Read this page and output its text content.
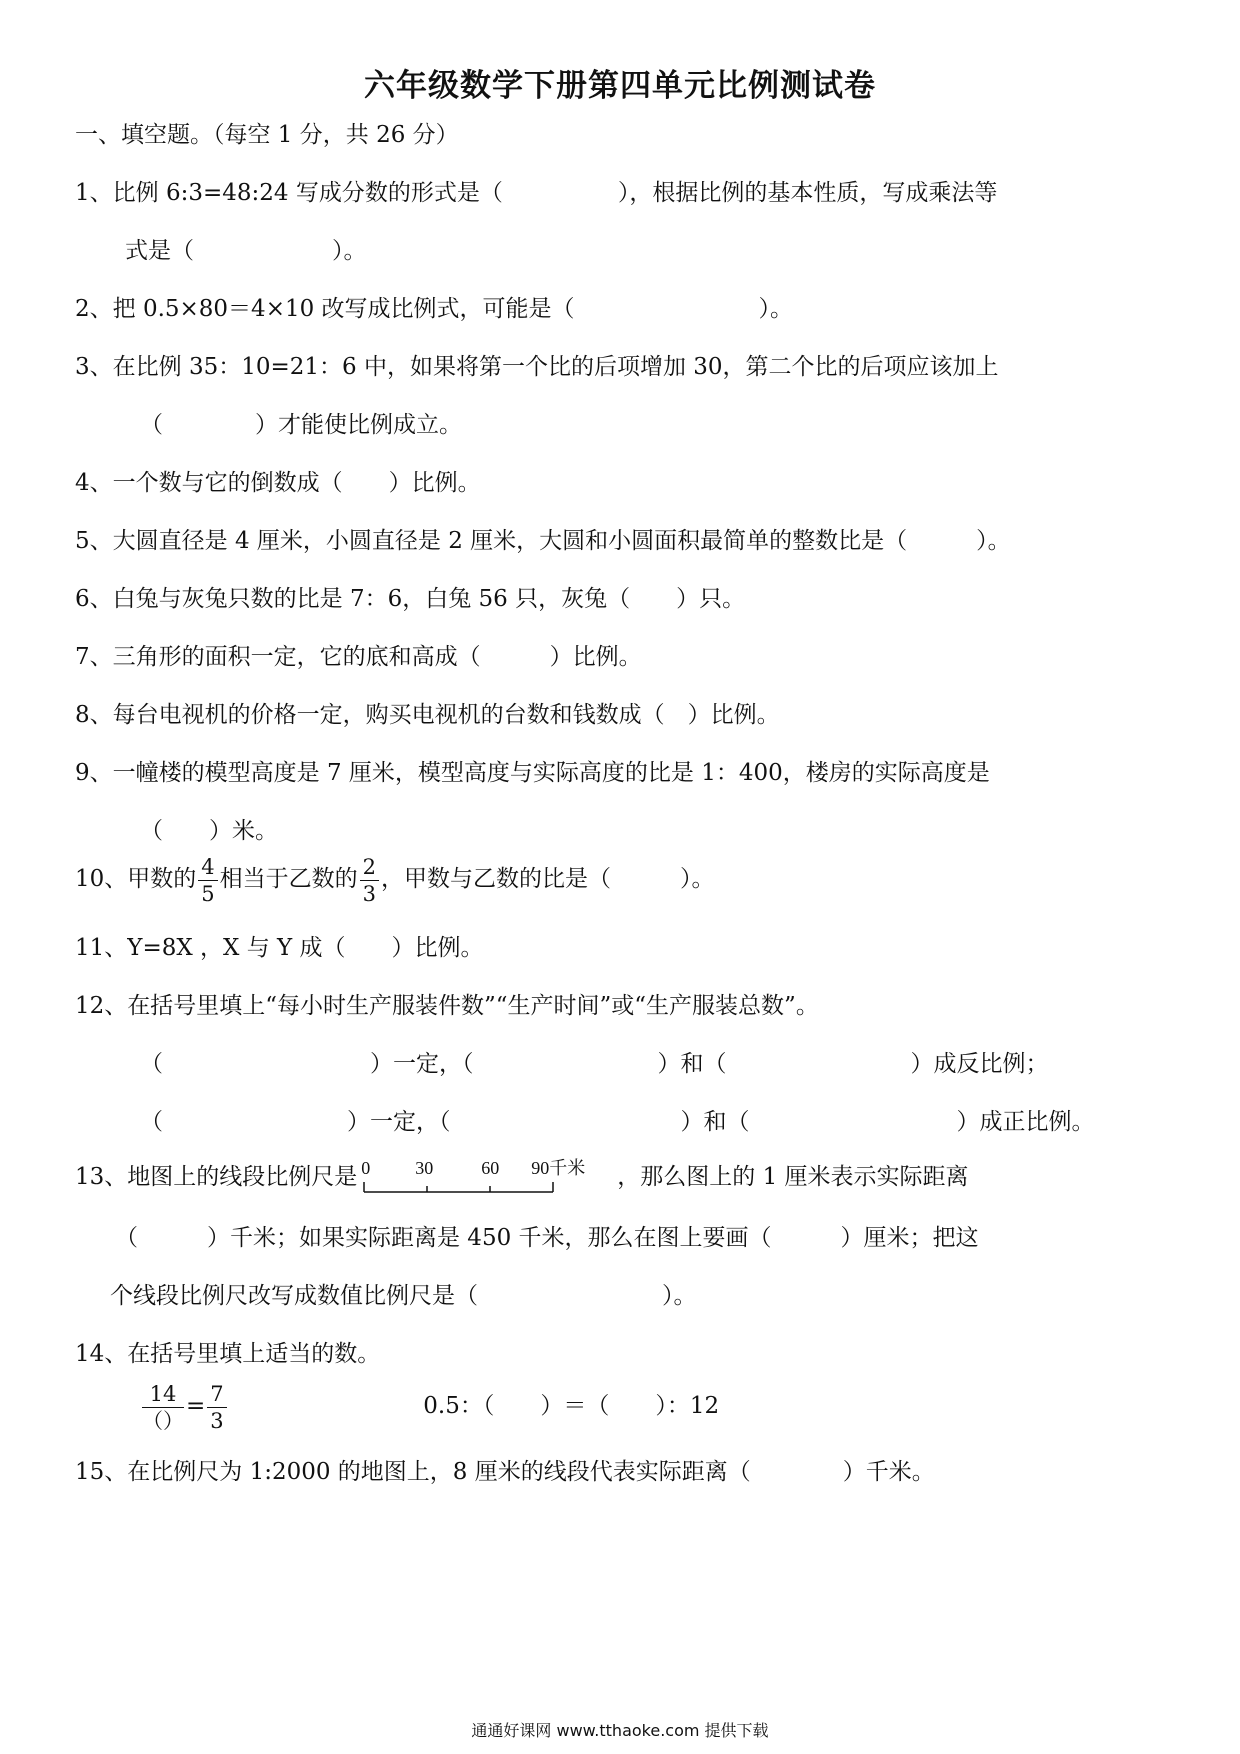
六年级数学下册第四单元比例测试卷
一、填空题。（每空 1 分，共 26 分）
1、比例 6:3=48:24 写成分数的形式是（　　　　　），根据比例的基本性质，写成乘法等
式是（　　　　　　）。
2、把 0.5×80＝4×10 改写成比例式，可能是（　　　　　　　　）。
3、在比例 35：10=21：6 中，如果将第一个比的后项增加 30，第二个比的后项应该加上
（　　　　）才能使比例成立。
4、一个数与它的倒数成（　　）比例。
5、大圆直径是 4 厘米，小圆直径是 2 厘米，大圆和小圆面积最简单的整数比是（　　　）。
6、白兔与灰兔只数的比是 7：6，白兔 56 只，灰兔（　　）只。
7、三角形的面积一定，它的底和高成（　　　）比例。
8、每台电视机的价格一定，购买电视机的台数和钱数成（　）比例。
9、一幢楼的模型高度是 7 厘米，模型高度与实际高度的比是 1：400，楼房的实际高度是
（　　）米。
10、甲数的 $\frac{4}{5}$ 相当于乙数的 $\frac{2}{3}$ ，甲数与乙数的比是（　　　）。
11、Y=8X ，X 与 Y 成（　　）比例。
12、在括号里填上“每小时生产服装件数”“生产时间”或“生产服装总数”。
（　　　　　　　　　）一定，（　　　　　　　　）和（　　　　　　　　）成反比例；
（　　　　　　　　）一定，（　　　　　　　　　　）和（　　　　　　　　　）成正比例。
13、地图上的线段比例尺是 0	30	60 90千米 ，那么图上的 1 厘米表示实际距离
（　　　）千米；如果实际距离是 450 千米，那么在图上要画（　　　）厘米；把这
个线段比例尺改写成数值比例尺是（　　　　　　　　）。
14、在括号里填上适当的数。
$\frac{14}{()} = \frac{7}{3}$	0.5：（　　）＝（　　）：12
15、在比例尺为 1:2000 的地图上，8 厘米的线段代表实际距离（　　　　）千米。
通通好课网 www.tthaoke.com 提供下载
